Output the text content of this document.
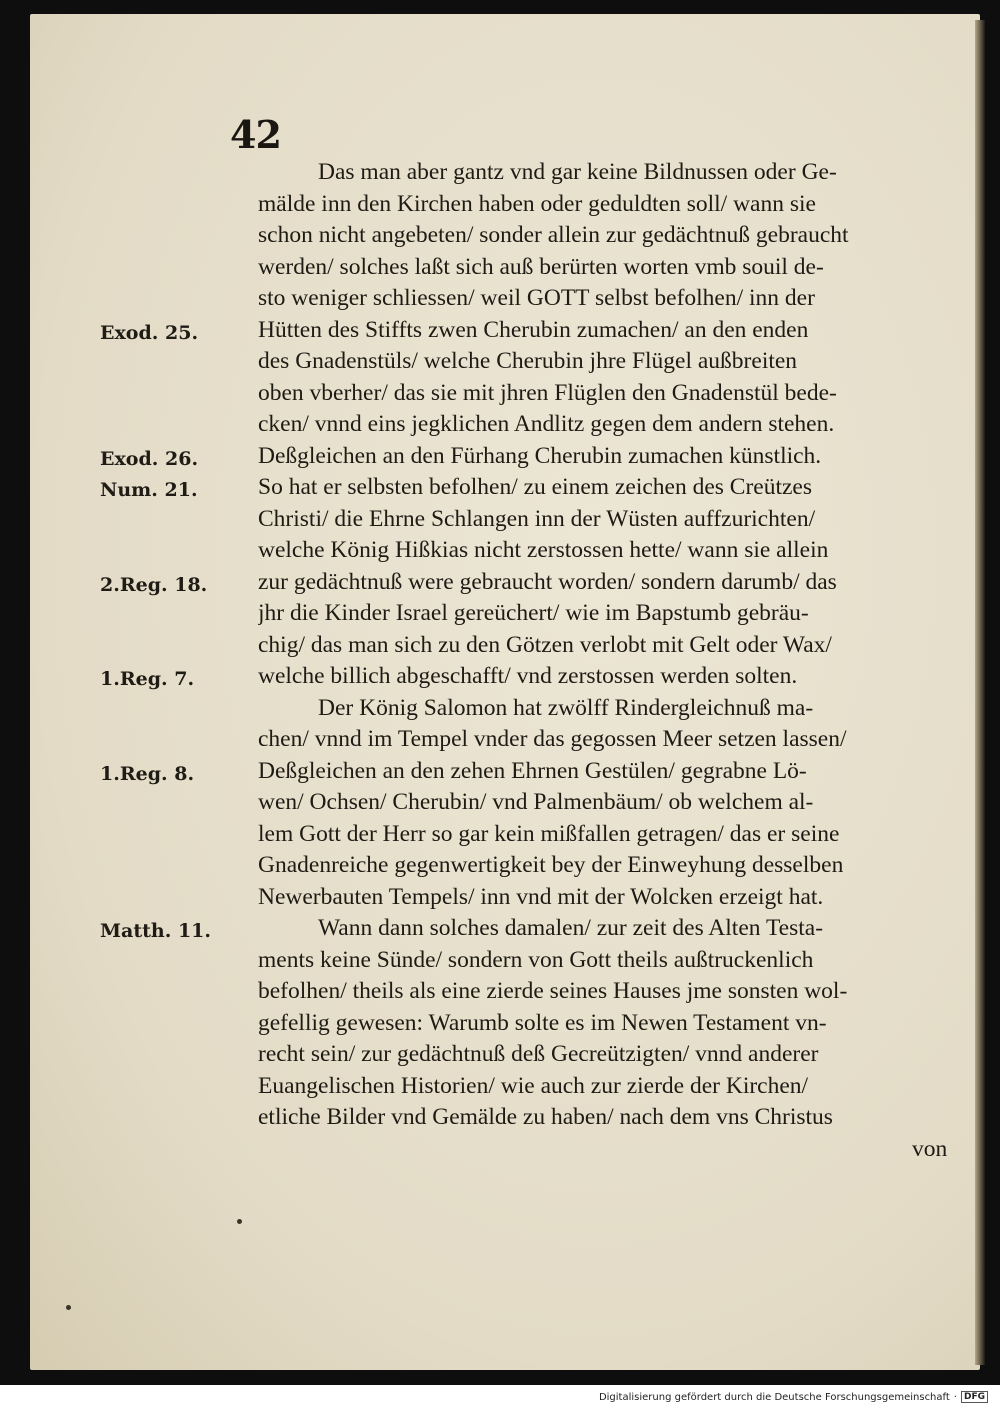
42
Exod. 25.
Exod. 26.
Num. 21.
2.Reg. 18.
1.Reg. 7.
1.Reg. 8.
Matth. 11.
Das man aber gantz vnd gar keine Bildnussen oder Ge-
mälde inn den Kirchen haben oder geduldten soll/ wann sie
schon nicht angebeten/ sonder allein zur gedächtnuß gebraucht
werden/ solches laßt sich auß berürten worten vmb souil de-
sto weniger schliessen/ weil GOTT selbst befolhen/ inn der
Hütten des Stiffts zwen Cherubin zumachen/ an den enden
des Gnadenstüls/ welche Cherubin jhre Flügel außbreiten
oben vberher/ das sie mit jhren Flüglen den Gnadenstül bede-
cken/ vnnd eins jegklichen Andlitz gegen dem andern stehen.
Deßgleichen an den Fürhang Cherubin zumachen künstlich.
So hat er selbsten befolhen/ zu einem zeichen des Creützes
Christi/ die Ehrne Schlangen inn der Wüsten auffzurichten/
welche König Hißkias nicht zerstossen hette/ wann sie allein
zur gedächtnuß were gebraucht worden/ sondern darumb/ das
jhr die Kinder Israel gereüchert/ wie im Bapstumb gebräu-
chig/ das man sich zu den Götzen verlobt mit Gelt oder Wax/
welche billich abgeschafft/ vnd zerstossen werden solten.
Der König Salomon hat zwölff Rindergleichnuß ma-
chen/ vnnd im Tempel vnder das gegossen Meer setzen lassen/
Deßgleichen an den zehen Ehrnen Gestülen/ gegrabne Lö-
wen/ Ochsen/ Cherubin/ vnd Palmenbäum/ ob welchem al-
lem Gott der Herr so gar kein mißfallen getragen/ das er seine
Gnadenreiche gegenwertigkeit bey der Einweyhung desselben
Newerbauten Tempels/ inn vnd mit der Wolcken erzeigt hat.
Wann dann solches damalen/ zur zeit des Alten Testa-
ments keine Sünde/ sondern von Gott theils außtruckenlich
befolhen/ theils als eine zierde seines Hauses jme sonsten wol-
gefellig gewesen: Warumb solte es im Newen Testament vn-
recht sein/ zur gedächtnuß deß Gecreützigten/ vnnd anderer
Euangelischen Historien/ wie auch zur zierde der Kirchen/
etliche Bilder vnd Gemälde zu haben/ nach dem vns Christus
von
Digitalisierung gefördert durch die Deutsche Forschungsgemeinschaft · DFG
